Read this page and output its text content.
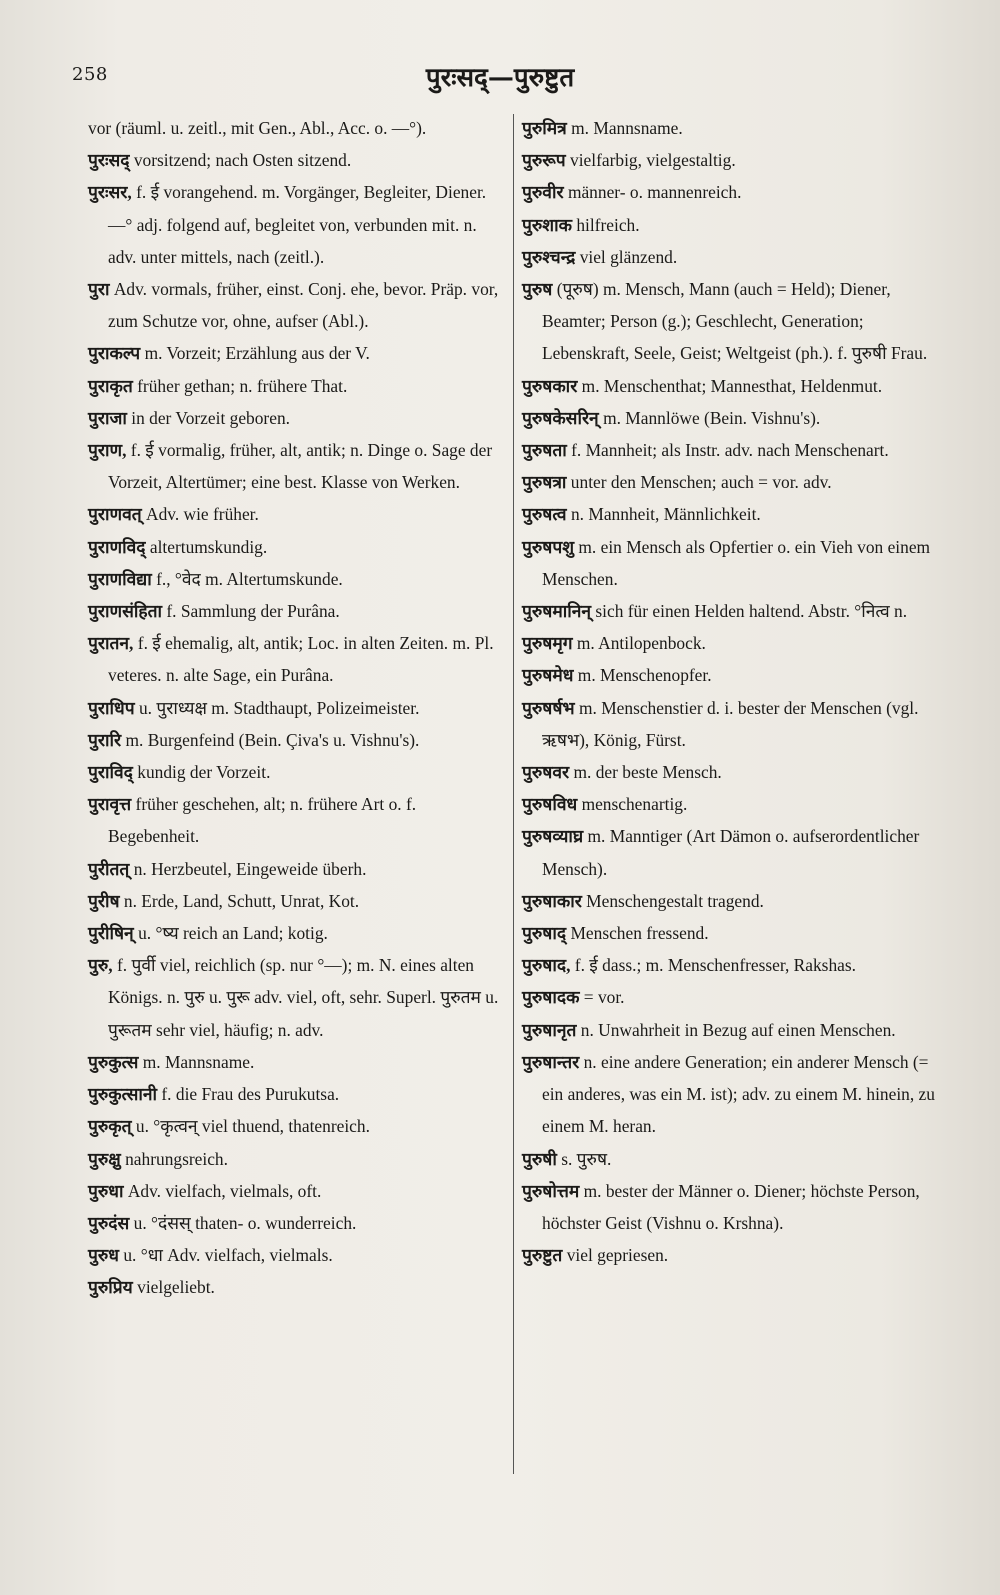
258	पुरःसद्—पुरुष्टुत

vor (räuml. u. zeitl., mit Gen., Abl., Acc. o. —°).

पुरःसद् vorsitzend; nach Osten sitzend.

पुरःसर, f. ई vorangehend. m. Vorgänger, Begleiter, Diener. —° adj. folgend auf, begleitet von, verbunden mit. n. adv. unter mittels, nach (zeitl.).

पुरा Adv. vormals, früher, einst. Conj. ehe, bevor. Präp. vor, zum Schutze vor, ohne, aufser (Abl.).

पुराकल्प m. Vorzeit; Erzählung aus der V.

पुराकृत früher gethan; n. frühere That.

पुराजा in der Vorzeit geboren.

पुराण, f. ई vormalig, früher, alt, antik; n. Dinge o. Sage der Vorzeit, Altertümer; eine best. Klasse von Werken.

पुराणवत् Adv. wie früher.

पुराणविद् altertumskundig.

पुराणविद्या f., °वेद m. Altertumskunde.

पुराणसंहिता f. Sammlung der Purâna.

पुरातन, f. ई ehemalig, alt, antik; Loc. in alten Zeiten. m. Pl. veteres. n. alte Sage, ein Purâna.

पुराधिप u. पुराध्यक्ष m. Stadthaupt, Polizeimeister.

पुरारि m. Burgenfeind (Bein. Çiva's u. Vishnu's).

पुराविद् kundig der Vorzeit.

पुरावृत्त früher geschehen, alt; n. frühere Art o. f. Begebenheit.

पुरीतत् n. Herzbeutel, Eingeweide überh.

पुरीष n. Erde, Land, Schutt, Unrat, Kot.

पुरीषिन् u. °ष्य reich an Land; kotig.

पुरु, f. पुर्वी viel, reichlich (sp. nur °—); m. N. eines alten Königs. n. पुरु u. पुरू adv. viel, oft, sehr. Superl. पुरुतम u. पुरूतम sehr viel, häufig; n. adv.

पुरुकुत्स m. Mannsname.

पुरुकुत्सानी f. die Frau des Purukutsa.

पुरुकृत् u. °कृत्वन् viel thuend, thatenreich.

पुरुक्षु nahrungsreich.

पुरुधा Adv. vielfach, vielmals, oft.

पुरुदंस u. °दंसस् thaten- o. wunderreich.

पुरुध u. °धा Adv. vielfach, vielmals.

पुरुप्रिय vielgeliebt.

पुरुमित्र m. Mannsname.

पुरुरूप vielfarbig, vielgestaltig.

पुरुवीर männer- o. mannenreich.

पुरुशाक hilfreich.

पुरुश्चन्द्र viel glänzend.

पुरुष (पूरुष) m. Mensch, Mann (auch = Held); Diener, Beamter; Person (g.); Geschlecht, Generation; Lebenskraft, Seele, Geist; Weltgeist (ph.). f. पुरुषी Frau.

पुरुषकार m. Menschenthat; Mannesthat, Heldenmut.

पुरुषकेसरिन् m. Mannlöwe (Bein. Vishnu's).

पुरुषता f. Mannheit; als Instr. adv. nach Menschenart.

पुरुषत्रा unter den Menschen; auch = vor. adv.

पुरुषत्व n. Mannheit, Männlichkeit.

पुरुषपशु m. ein Mensch als Opfertier o. ein Vieh von einem Menschen.

पुरुषमानिन् sich für einen Helden haltend. Abstr. °नित्व n.

पुरुषमृग m. Antilopenbock.

पुरुषमेध m. Menschenopfer.

पुरुषर्षभ m. Menschenstier d. i. bester der Menschen (vgl. ऋषभ), König, Fürst.

पुरुषवर m. der beste Mensch.

पुरुषविध menschenartig.

पुरुषव्याघ्र m. Manntiger (Art Dämon o. aufserordentlicher Mensch).

पुरुषाकार Menschengestalt tragend.

पुरुषाद् Menschen fressend.

पुरुषाद, f. ई dass.; m. Menschenfresser, Rakshas.

पुरुषादक = vor.

पुरुषानृत n. Unwahrheit in Bezug auf einen Menschen.

पुरुषान्तर n. eine andere Generation; ein anderer Mensch (= ein anderes, was ein M. ist); adv. zu einem M. hinein, zu einem M. heran.

पुरुषी s. पुरुष.

पुरुषोत्तम m. bester der Männer o. Diener; höchste Person, höchster Geist (Vishnu o. Krshna).

पुरुष्टुत viel gepriesen.
